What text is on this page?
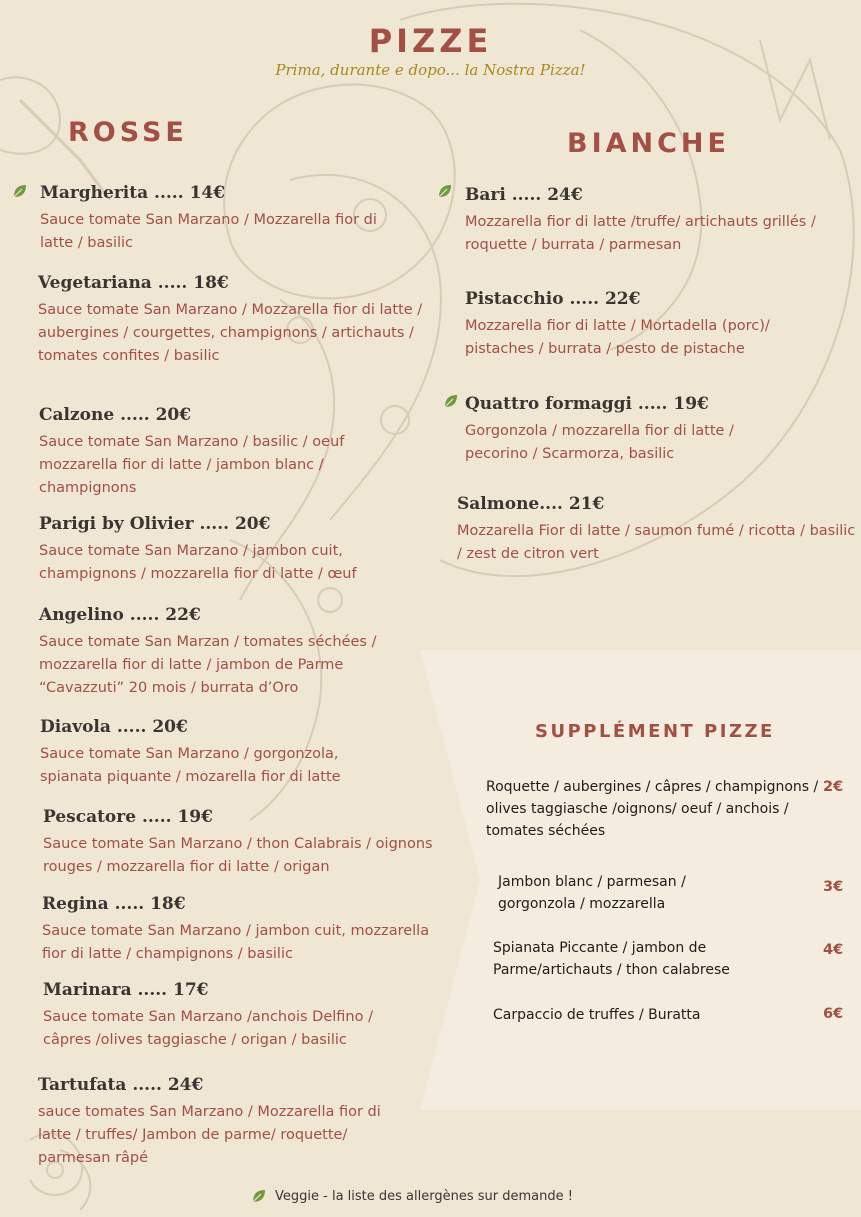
PIZZE
Prima, durante e dopo... la Nostra Pizza!
ROSSE	BIANCHE
Margherita ..... 14€
Sauce tomate San Marzano / Mozzarella fior di latte / basilic
Vegetariana ..... 18€
Sauce tomate San Marzano / Mozzarella fior di latte / aubergines / courgettes, champignons / artichauts / tomates confites / basilic
Calzone ..... 20€
Sauce tomate San Marzano / basilic / oeuf mozzarella fior di latte / jambon blanc / champignons
Parigi by Olivier ..... 20€
Sauce tomate San Marzano / jambon cuit, champignons / mozzarella fior di latte / œuf
Angelino ..... 22€
Sauce tomate San Marzan / tomates séchées / mozzarella fior di latte / jambon de Parme “Cavazzuti” 20 mois / burrata d’Oro
Diavola ..... 20€
Sauce tomate San Marzano / gorgonzola, spianata piquante / mozarella fior di latte
Pescatore ..... 19€
Sauce tomate San Marzano / thon Calabrais / oignons rouges / mozzarella fior di latte / origan
Regina ..... 18€
Sauce tomate San Marzano / jambon cuit, mozzarella fior di latte / champignons / basilic
Marinara ..... 17€
Sauce tomate San Marzano /anchois Delfino / câpres /olives taggiasche / origan / basilic
Tartufata ..... 24€
sauce tomates San Marzano / Mozzarella fior di latte / truffes/ Jambon de parme/ roquette/ parmesan râpé
Bari ..... 24€
Mozzarella fior di latte /truffe/ artichauts grillés / roquette / burrata / parmesan
Pistacchio ..... 22€
Mozzarella fior di latte / Mortadella (porc)/ pistaches / burrata / pesto de pistache
Quattro formaggi ..... 19€
Gorgonzola / mozzarella fior di latte / pecorino / Scarmorza, basilic
Salmone.... 21€
Mozzarella Fior di latte / saumon fumé / ricotta / basilic / zest de citron vert
SUPPLÉMENT PIZZE
Roquette / aubergines / câpres / champignons / olives taggiasche /oignons/ oeuf / anchois / tomates séchées
2€
Jambon blanc / parmesan / gorgonzola / mozzarella
3€
Spianata Piccante / jambon de Parme/artichauts / thon calabrese
4€
Carpaccio de truffes / Buratta	6€
Veggie - la liste des allergènes sur demande !
